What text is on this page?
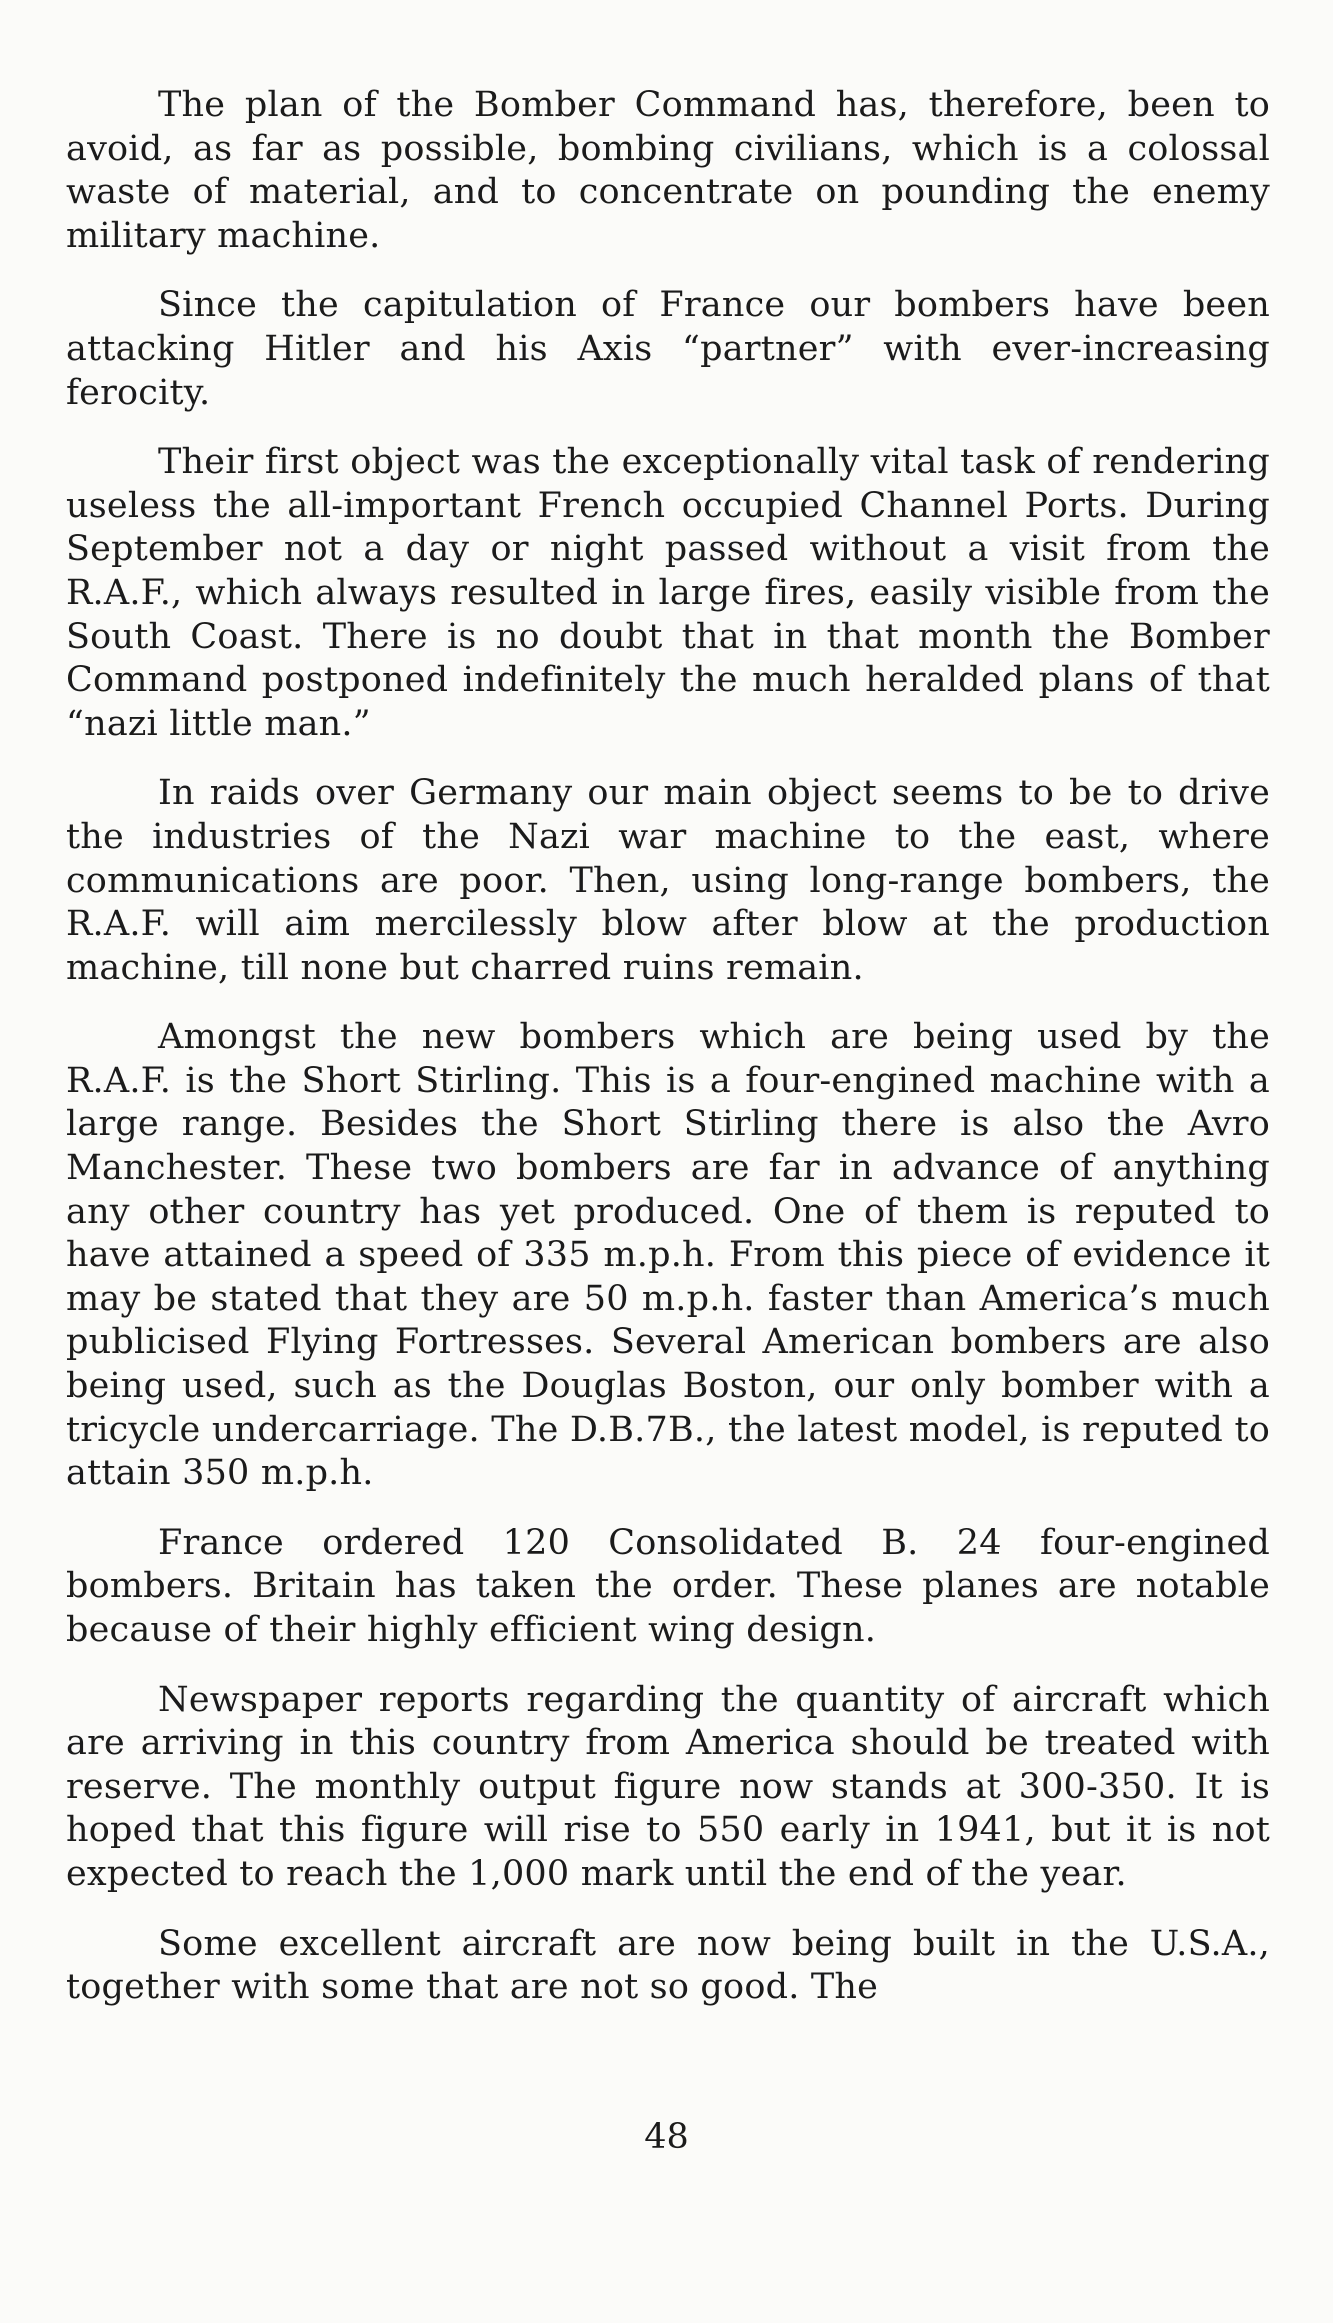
The plan of the Bomber Command has, therefore, been to avoid, as far as possible, bombing civilians, which is a colossal waste of material, and to concentrate on pounding the enemy military machine.

Since the capitulation of France our bombers have been attacking Hitler and his Axis “partner” with ever-increasing ferocity.

Their first object was the exceptionally vital task of rendering useless the all-important French occupied Channel Ports. During September not a day or night passed without a visit from the R.A.F., which always resulted in large fires, easily visible from the South Coast. There is no doubt that in that month the Bomber Command postponed indefinitely the much heralded plans of that “nazi little man.”

In raids over Germany our main object seems to be to drive the industries of the Nazi war machine to the east, where communications are poor. Then, using long-range bombers, the R.A.F. will aim mercilessly blow after blow at the production machine, till none but charred ruins remain.

Amongst the new bombers which are being used by the R.A.F. is the Short Stirling. This is a four-engined machine with a large range. Besides the Short Stirling there is also the Avro Manchester. These two bombers are far in advance of anything any other country has yet produced. One of them is reputed to have attained a speed of 335 m.p.h. From this piece of evidence it may be stated that they are 50 m.p.h. faster than America’s much publicised Flying Fortresses. Several American bombers are also being used, such as the Douglas Boston, our only bomber with a tricycle undercarriage. The D.B.7B., the latest model, is reputed to attain 350 m.p.h.

France ordered 120 Consolidated B. 24 four-engined bombers. Britain has taken the order. These planes are notable because of their highly efficient wing design.

Newspaper reports regarding the quantity of aircraft which are arriving in this country from America should be treated with reserve. The monthly output figure now stands at 300-350. It is hoped that this figure will rise to 550 early in 1941, but it is not expected to reach the 1,000 mark until the end of the year.

Some excellent aircraft are now being built in the U.S.A., together with some that are not so good. The

48
